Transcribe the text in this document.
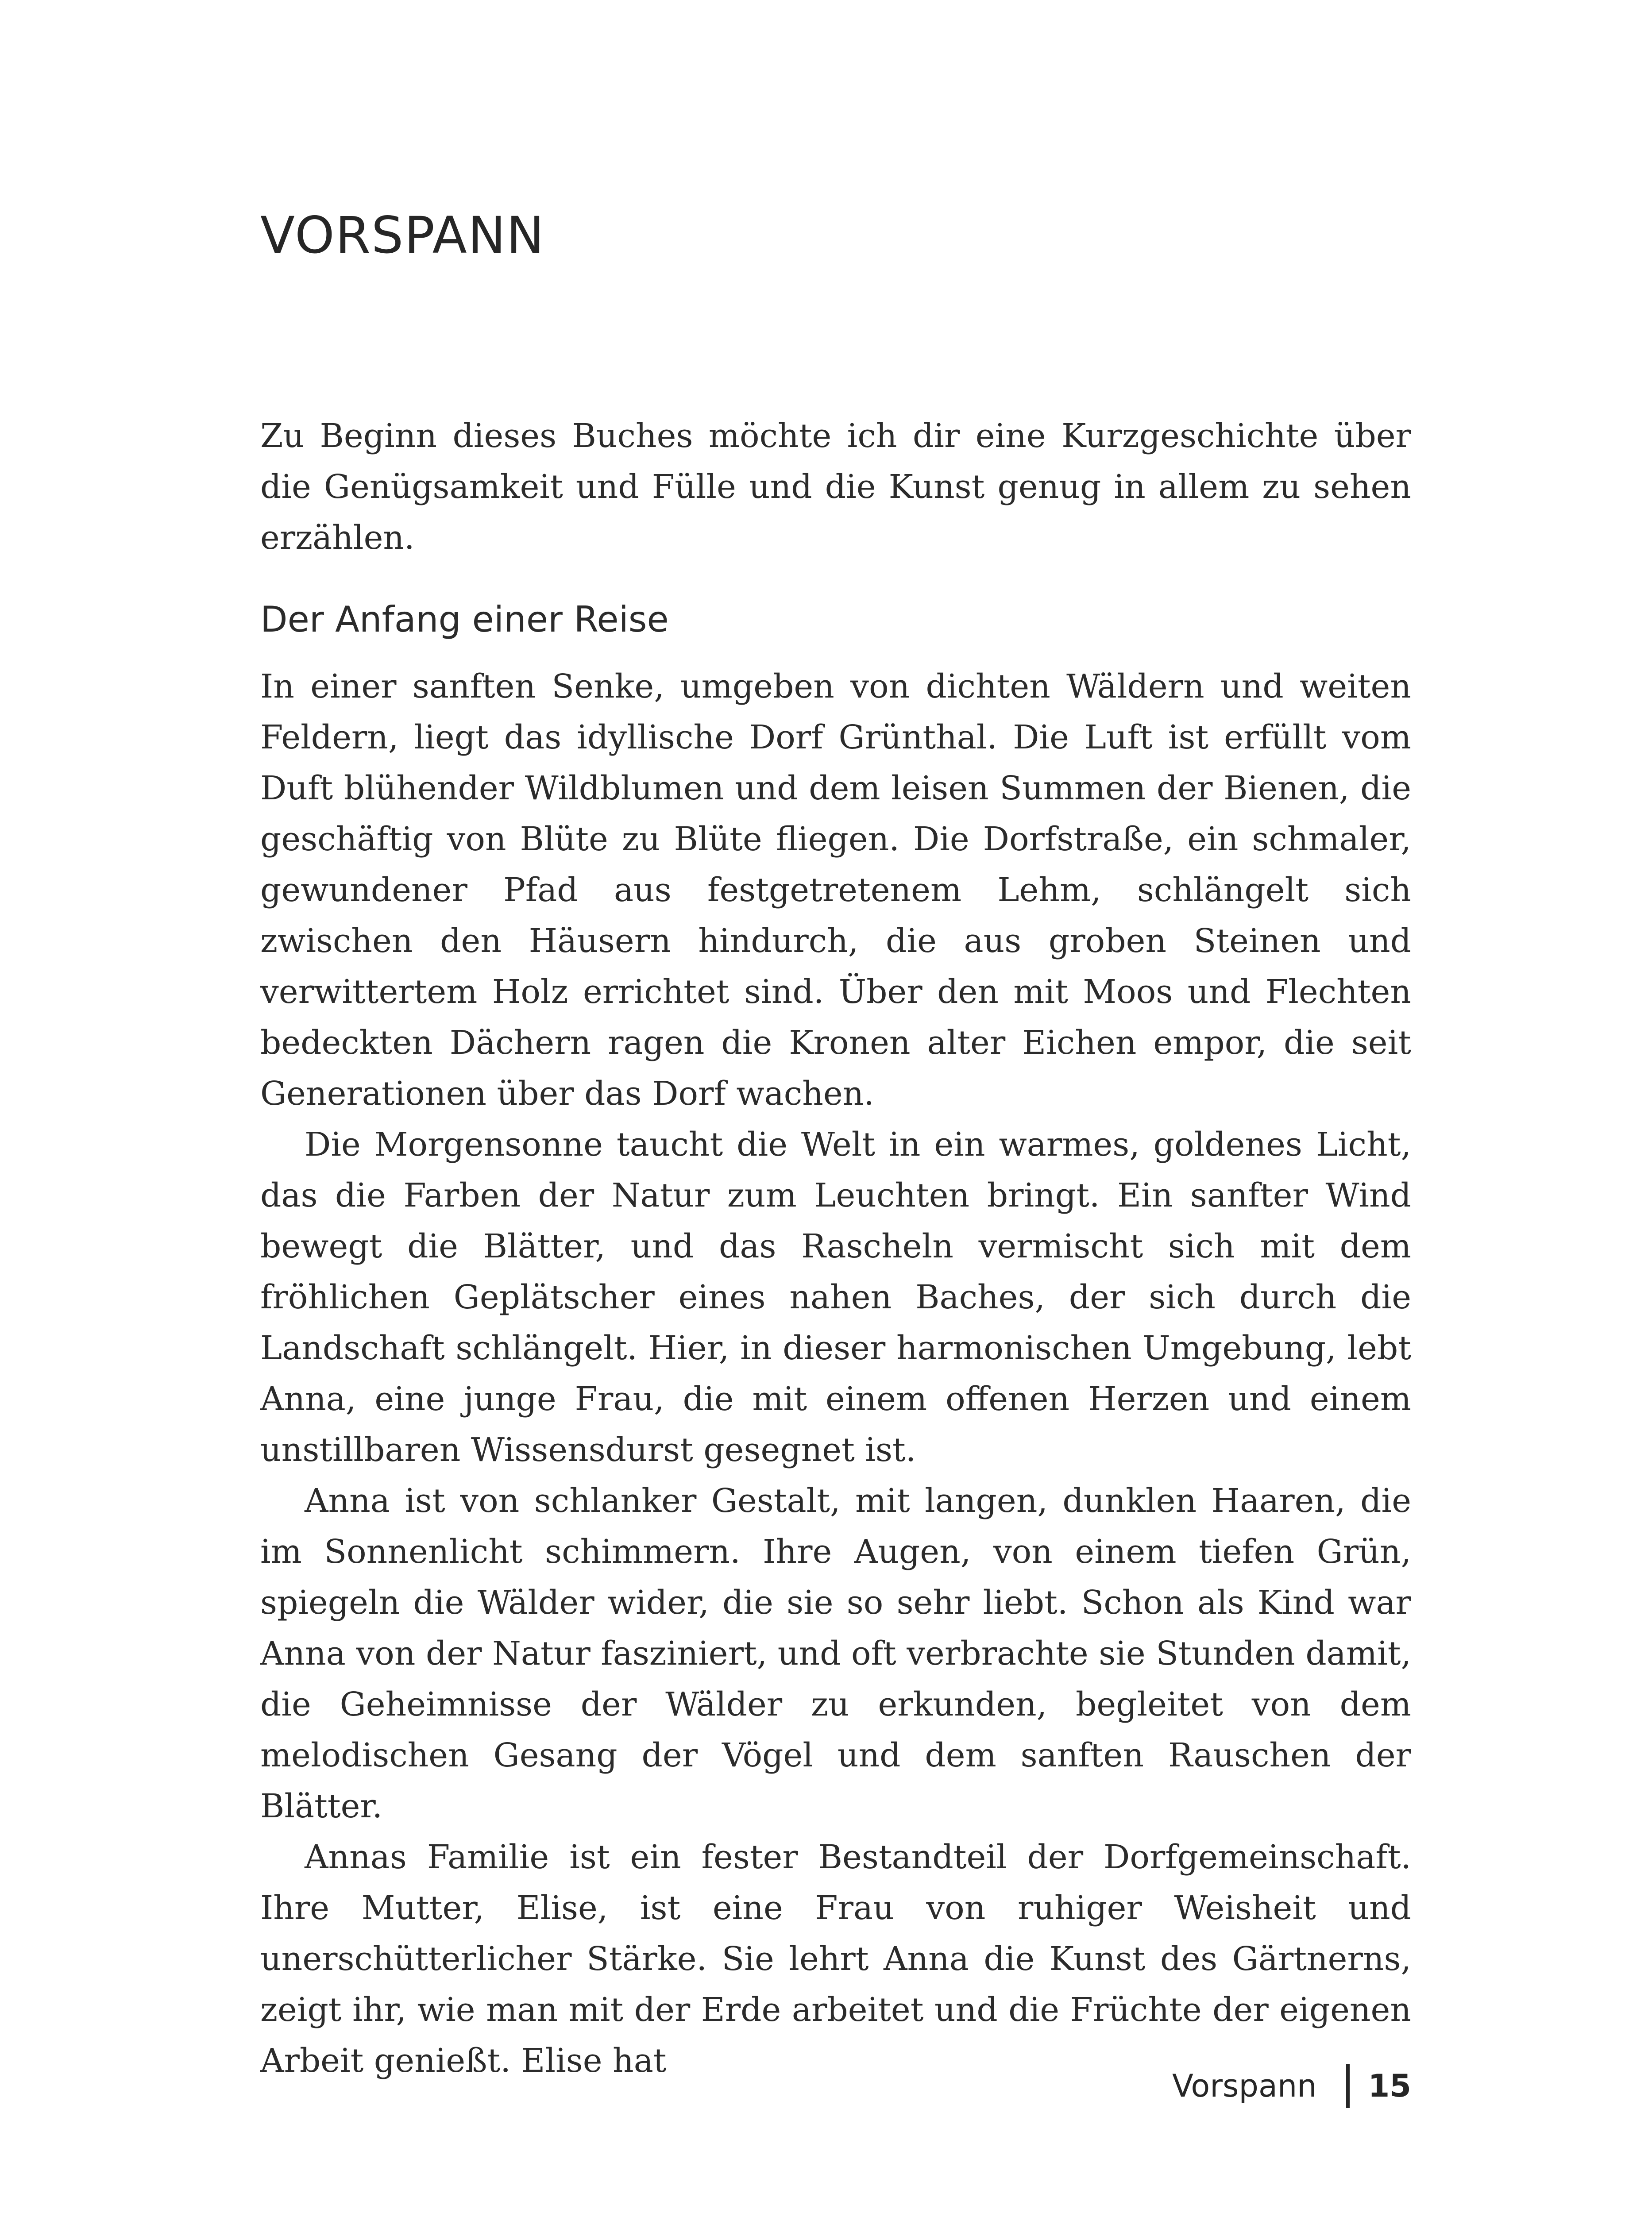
VORSPANN

Zu Beginn dieses Buches möchte ich dir eine Kurzgeschichte über die Genügsamkeit und Fülle und die Kunst genug in allem zu sehen erzählen.

Der Anfang einer Reise

In einer sanften Senke, umgeben von dichten Wäldern und weiten Feldern, liegt das idyllische Dorf Grünthal. Die Luft ist erfüllt vom Duft blühender Wildblumen und dem leisen Summen der Bienen, die geschäftig von Blüte zu Blüte fliegen. Die Dorfstraße, ein schmaler, gewundener Pfad aus festgetretenem Lehm, schlängelt sich zwischen den Häusern hindurch, die aus groben Steinen und verwittertem Holz errichtet sind. Über den mit Moos und Flechten bedeckten Dächern ragen die Kronen alter Eichen empor, die seit Generationen über das Dorf wachen.

Die Morgensonne taucht die Welt in ein warmes, goldenes Licht, das die Farben der Natur zum Leuchten bringt. Ein sanfter Wind bewegt die Blätter, und das Rascheln vermischt sich mit dem fröhlichen Geplätscher eines nahen Baches, der sich durch die Landschaft schlängelt. Hier, in dieser harmonischen Umgebung, lebt Anna, eine junge Frau, die mit einem offenen Herzen und einem unstillbaren Wissensdurst gesegnet ist.

Anna ist von schlanker Gestalt, mit langen, dunklen Haaren, die im Sonnenlicht schimmern. Ihre Augen, von einem tiefen Grün, spiegeln die Wälder wider, die sie so sehr liebt. Schon als Kind war Anna von der Natur fasziniert, und oft verbrachte sie Stunden damit, die Geheimnisse der Wälder zu erkunden, begleitet von dem melodischen Gesang der Vögel und dem sanften Rauschen der Blätter.

Annas Familie ist ein fester Bestandteil der Dorfgemeinschaft. Ihre Mutter, Elise, ist eine Frau von ruhiger Weisheit und unerschütterlicher Stärke. Sie lehrt Anna die Kunst des Gärtnerns, zeigt ihr, wie man mit der Erde arbeitet und die Früchte der eigenen Arbeit genießt. Elise hat

Vorspann	15
